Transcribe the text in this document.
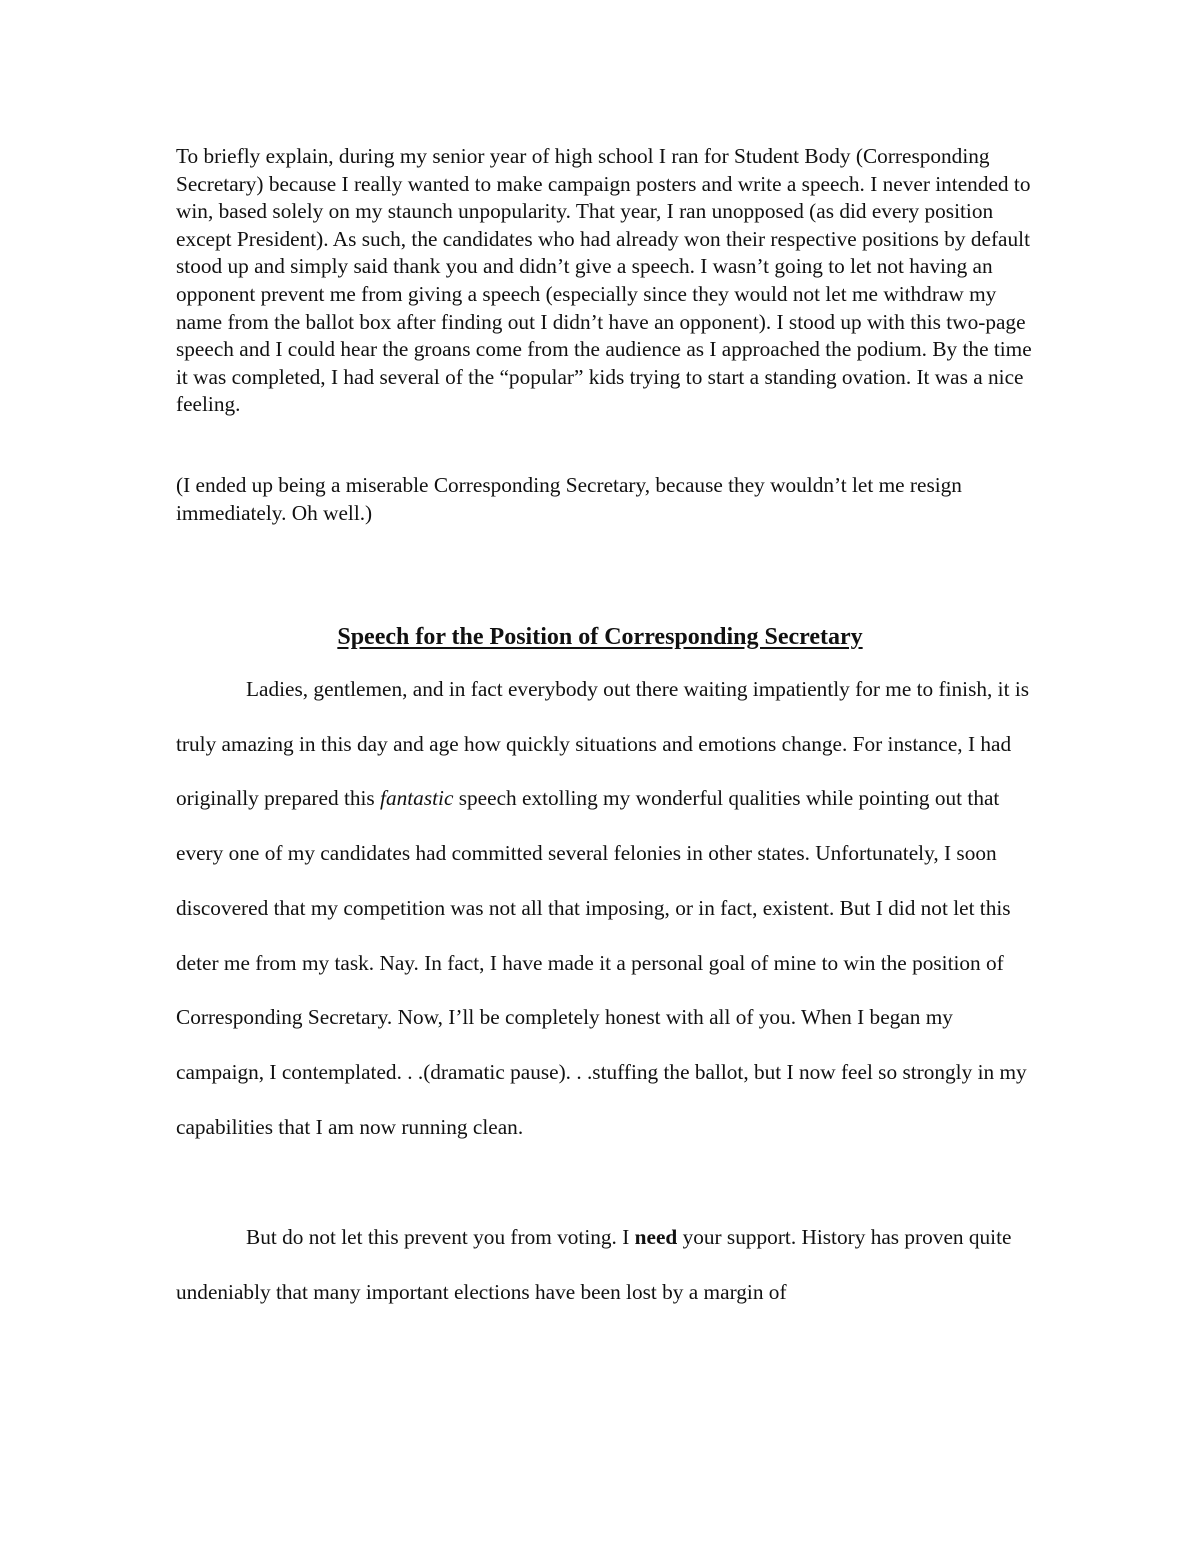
To briefly explain, during my senior year of high school I ran for Student Body (Corresponding Secretary) because I really wanted to make campaign posters and write a speech. I never intended to win, based solely on my staunch unpopularity. That year, I ran unopposed (as did every position except President). As such, the candidates who had already won their respective positions by default stood up and simply said thank you and didn’t give a speech. I wasn’t going to let not having an opponent prevent me from giving a speech (especially since they would not let me withdraw my name from the ballot box after finding out I didn’t have an opponent). I stood up with this two-page speech and I could hear the groans come from the audience as I approached the podium. By the time it was completed, I had several of the “popular” kids trying to start a standing ovation. It was a nice feeling.

(I ended up being a miserable Corresponding Secretary, because they wouldn’t let me resign immediately. Oh well.)

Speech for the Position of Corresponding Secretary

Ladies, gentlemen, and in fact everybody out there waiting impatiently for me to finish, it is truly amazing in this day and age how quickly situations and emotions change. For instance, I had originally prepared this fantastic speech extolling my wonderful qualities while pointing out that every one of my candidates had committed several felonies in other states. Unfortunately, I soon discovered that my competition was not all that imposing, or in fact, existent. But I did not let this deter me from my task. Nay. In fact, I have made it a personal goal of mine to win the position of Corresponding Secretary. Now, I’ll be completely honest with all of you. When I began my campaign, I contemplated. . .(dramatic pause). . .stuffing the ballot, but I now feel so strongly in my capabilities that I am now running clean.

But do not let this prevent you from voting. I need your support. History has proven quite undeniably that many important elections have been lost by a margin of
